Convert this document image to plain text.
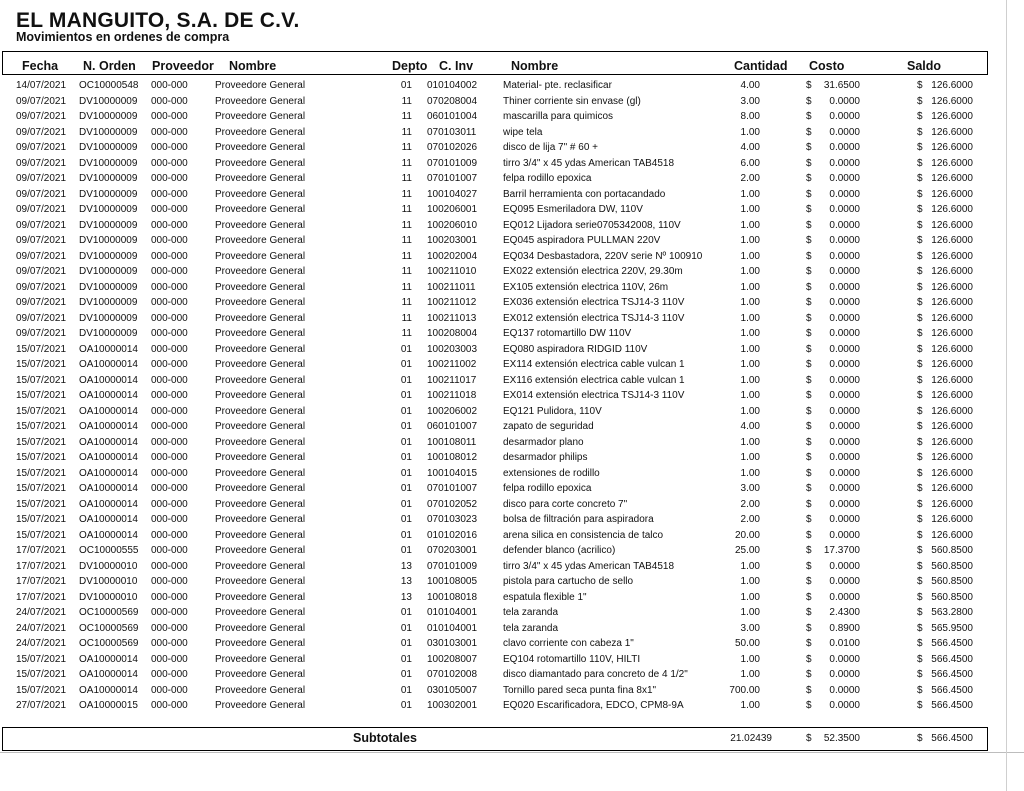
EL MANGUITO, S.A. DE C.V.
Movimientos en ordenes de compra
Fecha N. Orden Proveedor Nombre	Depto C. Inv	Nombre	Cantidad Costo	Saldo
14/07/2021	OC10000548	000-000	Proveedore General	01 010104002	Material- pte. reclasificar	4.00	$ 31.6500	$ 126.6000
09/07/2021	DV10000009	000-000	Proveedore General	11 070208004	Thiner corriente sin envase (gl)	3.00	$ 0.0000	$ 126.6000
09/07/2021	DV10000009	000-000	Proveedore General	11 060101004	mascarilla para quimicos	8.00	$ 0.0000	$ 126.6000
09/07/2021	DV10000009	000-000	Proveedore General	11 070103011	wipe tela	1.00	$ 0.0000	$ 126.6000
09/07/2021	DV10000009	000-000	Proveedore General	11 070102026	disco de lija 7" # 60 +	4.00	$ 0.0000	$ 126.6000
09/07/2021	DV10000009	000-000	Proveedore General	11 070101009	tirro 3/4" x 45 ydas American TAB4518	6.00	$ 0.0000	$ 126.6000
09/07/2021	DV10000009	000-000	Proveedore General	11 070101007	felpa rodillo epoxica	2.00	$ 0.0000	$ 126.6000
09/07/2021	DV10000009	000-000	Proveedore General	11 100104027	Barril herramienta con portacandado	1.00	$ 0.0000	$ 126.6000
09/07/2021	DV10000009	000-000	Proveedore General	11 100206001	EQ095 Esmeriladora DW, 110V	1.00	$ 0.0000	$ 126.6000
09/07/2021	DV10000009	000-000	Proveedore General	11 100206010	EQ012 Lijadora serie0705342008, 110V	1.00	$ 0.0000	$ 126.6000
09/07/2021	DV10000009	000-000	Proveedore General	11 100203001	EQ045 aspiradora PULLMAN 220V	1.00	$ 0.0000	$ 126.6000
09/07/2021	DV10000009	000-000	Proveedore General	11 100202004	EQ034 Desbastadora, 220V serie Nº 100910	1.00	$ 0.0000	$ 126.6000
09/07/2021	DV10000009	000-000	Proveedore General	11 100211010	EX022 extensión electrica 220V, 29.30m	1.00	$ 0.0000	$ 126.6000
09/07/2021	DV10000009	000-000	Proveedore General	11 100211011	EX105 extensión electrica 110V, 26m	1.00	$ 0.0000	$ 126.6000
09/07/2021	DV10000009	000-000	Proveedore General	11 100211012	EX036 extensión electrica TSJ14-3 110V	1.00	$ 0.0000	$ 126.6000
09/07/2021	DV10000009	000-000	Proveedore General	11 100211013	EX012 extensión electrica TSJ14-3 110V	1.00	$ 0.0000	$ 126.6000
09/07/2021	DV10000009	000-000	Proveedore General	11 100208004	EQ137 rotomartillo DW 110V	1.00	$ 0.0000	$ 126.6000
15/07/2021	OA10000014	000-000	Proveedore General	01 100203003	EQ080 aspiradora RIDGID 110V	1.00	$ 0.0000	$ 126.6000
15/07/2021	OA10000014	000-000	Proveedore General	01 100211002	EX114 extensión electrica cable vulcan 1	1.00	$ 0.0000	$ 126.6000
15/07/2021	OA10000014	000-000	Proveedore General	01 100211017	EX116 extensión electrica cable vulcan 1	1.00	$ 0.0000	$ 126.6000
15/07/2021	OA10000014	000-000	Proveedore General	01 100211018	EX014 extensión electrica TSJ14-3 110V	1.00	$ 0.0000	$ 126.6000
15/07/2021	OA10000014	000-000	Proveedore General	01 100206002	EQ121 Pulidora, 110V	1.00	$ 0.0000	$ 126.6000
15/07/2021	OA10000014	000-000	Proveedore General	01 060101007	zapato de seguridad	4.00	$ 0.0000	$ 126.6000
15/07/2021	OA10000014	000-000	Proveedore General	01 100108011	desarmador plano	1.00	$ 0.0000	$ 126.6000
15/07/2021	OA10000014	000-000	Proveedore General	01 100108012	desarmador philips	1.00	$ 0.0000	$ 126.6000
15/07/2021	OA10000014	000-000	Proveedore General	01 100104015	extensiones de rodillo	1.00	$ 0.0000	$ 126.6000
15/07/2021	OA10000014	000-000	Proveedore General	01 070101007	felpa rodillo epoxica	3.00	$ 0.0000	$ 126.6000
15/07/2021	OA10000014	000-000	Proveedore General	01 070102052	disco para corte concreto 7"	2.00	$ 0.0000	$ 126.6000
15/07/2021	OA10000014	000-000	Proveedore General	01 070103023	bolsa de filtración para aspiradora	2.00	$ 0.0000	$ 126.6000
15/07/2021	OA10000014	000-000	Proveedore General	01 010102016	arena silica en consistencia de talco	20.00	$ 0.0000	$ 126.6000
17/07/2021	OC10000555	000-000	Proveedore General	01 070203001	defender blanco (acrilico)	25.00	$ 17.3700	$ 560.8500
17/07/2021	DV10000010	000-000	Proveedore General	13 070101009	tirro 3/4" x 45 ydas American TAB4518	1.00	$ 0.0000	$ 560.8500
17/07/2021	DV10000010	000-000	Proveedore General	13 100108005	pistola para cartucho de sello	1.00	$ 0.0000	$ 560.8500
17/07/2021	DV10000010	000-000	Proveedore General	13 100108018	espatula flexible 1"	1.00	$ 0.0000	$ 560.8500
24/07/2021	OC10000569	000-000	Proveedore General	01 010104001	tela zaranda	1.00	$ 2.4300	$ 563.2800
24/07/2021	OC10000569	000-000	Proveedore General	01 010104001	tela zaranda	3.00	$ 0.8900	$ 565.9500
24/07/2021	OC10000569	000-000	Proveedore General	01 030103001	clavo corriente con cabeza 1"	50.00	$ 0.0100	$ 566.4500
15/07/2021	OA10000014	000-000	Proveedore General	01 100208007	EQ104 rotomartillo 110V, HILTI	1.00	$ 0.0000	$ 566.4500
15/07/2021	OA10000014	000-000	Proveedore General	01 070102008	disco diamantado para concreto de 4 1/2"	1.00	$ 0.0000	$ 566.4500
15/07/2021	OA10000014	000-000	Proveedore General	01 030105007	Tornillo pared seca punta fina 8x1"	700.00	$ 0.0000	$ 566.4500
27/07/2021	OA10000015	000-000	Proveedore General	01 100302001	EQ020 Escarificadora, EDCO, CPM8-9A	1.00	$ 0.0000	$ 566.4500
Subtotales	21.02439	$ 52.3500	$ 566.4500
